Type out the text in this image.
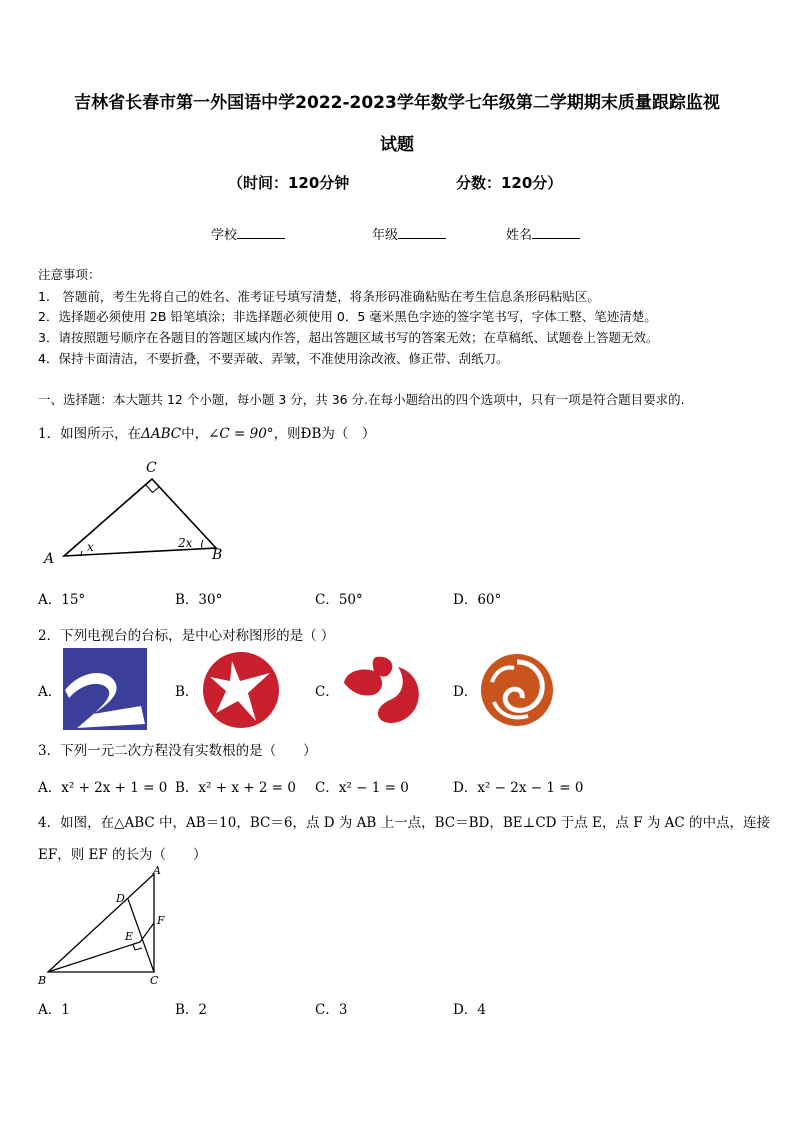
吉林省长春市第一外国语中学2022-2023学年数学七年级第二学期期末质量跟踪监视
试题
（时间：120分钟	分数：120分）
学校	年级	姓名
注意事项：
1.　答题前，考生先将自己的姓名、准考证号填写清楚，将条形码准确粘贴在考生信息条形码粘贴区。
2．选择题必须使用 2B 铅笔填涂；非选择题必须使用 0．5 毫米黑色字迹的签字笔书写，字体工整、笔迹清楚。
3．请按照题号顺序在各题目的答题区域内作答，超出答题区域书写的答案无效；在草稿纸、试题卷上答题无效。
4．保持卡面清洁，不要折叠，不要弄破、弄皱，不准使用涂改液、修正带、刮纸刀。
一、选择题：本大题共 12 个小题，每小题 3 分，共 36 分.在每小题给出的四个选项中，只有一项是符合题目要求的.
1．如图所示，在ΔABC中，∠C = 90°，则ÐB为（　）
A
C
B
x	2x
A．15°	B．30°	C．50°	D．60°
2．下列电视台的台标，是中心对称图形的是（ ）
A．	B．	C．	D．
3．下列一元二次方程没有实数根的是（　　）
A．x² + 2x + 1 = 0 B．x² + x + 2 = 0 C．x² − 1 = 0	D．x² − 2x − 1 = 0
4．如图，在△ABC 中，AB＝10，BC＝6，点 D 为 AB 上一点，BC＝BD，BE⊥CD 于点 E，点 F 为 AC 的中点，连接
EF，则 EF 的长为（　　）
A
B	C
D
E
F
A．1	B．2	C．3	D．4
